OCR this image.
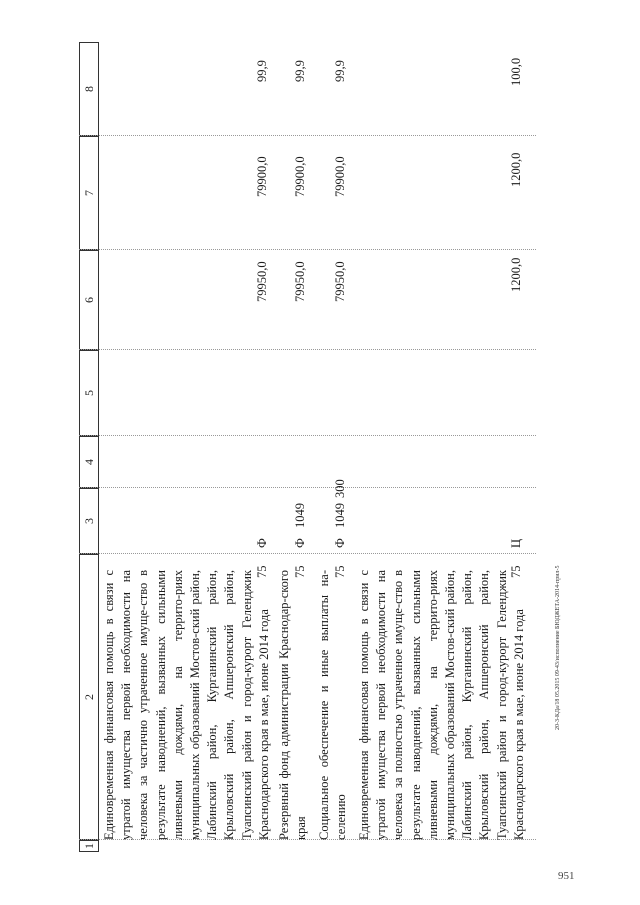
1
2
3
4
5
6
7
8
Единовременная финансовая помощь в связи с утратой имущества первой необходимости на человека за частично утраченное имуще-ство в результате наводнений, вызванных сильными ливневыми дождями, на террито-риях муниципальных образований Мостов-ский район, Лабинский район, Курганинский район, Крыловский район, Апшеронский район, Туапсинский район и город-курорт Геленджик Краснодарского края в мае, июне 2014 года
75
Ф
79950,0
79900,0
99,9
Резервный фонд администрации Краснодар-ского края
75
Ф
1049
79950,0
79900,0
99,9
Социальное обеспечение и иные выплаты на-селению
75
Ф
1049
300
79950,0
79900,0
99,9
Единовременная финансовая помощь в связи с утратой имущества первой необходимости на человека за полностью утраченное имуще-ство в результате наводнений, вызванных сильными ливневыми дождями, на террито-риях муниципальных образований Мостов-ский район, Лабинский район, Курганинский район, Крыловский район, Апшеронский район, Туапсинский район и город-курорт Геленджик Краснодарского края в мае, июне 2014 года
75
Ц
1200,0
1200,0
100,0
20-3-КДа/18 05.2015 09-43/исполнение БЮДЖЕТА-2014-прил-5
951
